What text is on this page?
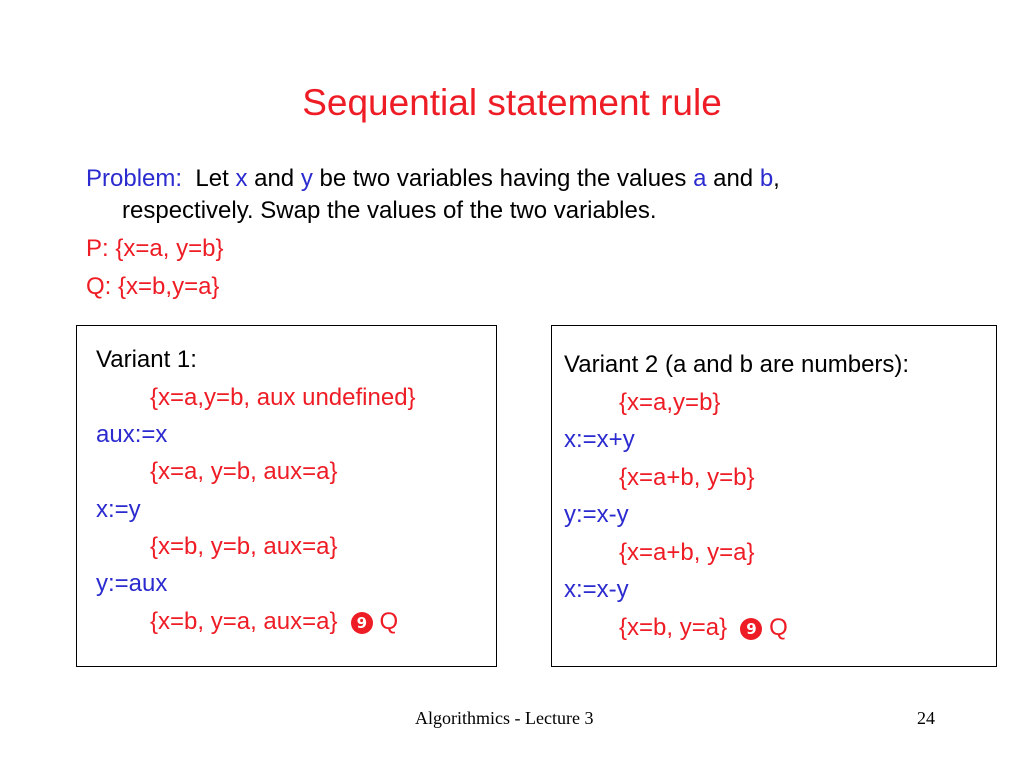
Sequential statement rule
Problem: Let x and y be two variables having the values a and b,
respectively. Swap the values of the two variables.
P: {x=a, y=b}
Q: {x=b,y=a}
Variant 1:
{x=a,y=b, aux undefined}
aux:=x
{x=a, y=b, aux=a}
x:=y
{x=b, y=b, aux=a}
y:=aux
{x=b, y=a, aux=a} 9 Q
Variant 2 (a and b are numbers):
{x=a,y=b}
x:=x+y
{x=a+b, y=b}
y:=x-y
{x=a+b, y=a}
x:=x-y
{x=b, y=a} 9 Q
Algorithmics - Lecture 3	24
